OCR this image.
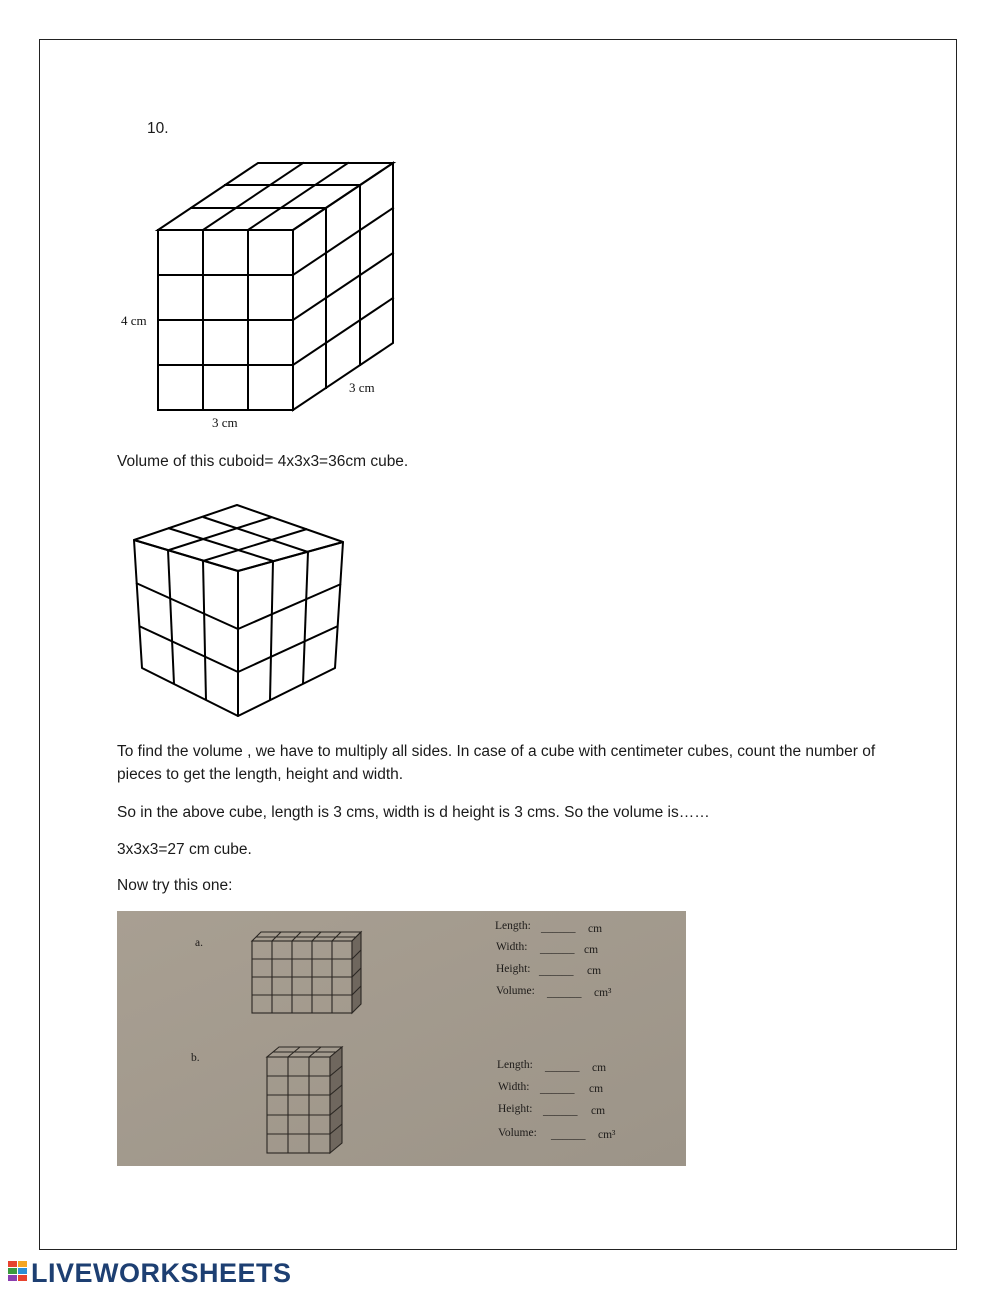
10.

4 cm
3 cm
3 cm

Volume of this cuboid= 4x3x3=36cm cube.

To find the volume , we have to multiply all sides. In case of a cube with centimeter cubes, count the number of pieces to get the length, height and width.

So in the above cube, length is 3 cms, width is d height is 3 cms. So the volume is……

3x3x3=27 cm cube.

Now try this one:

a.
Length: ______ cm
Width: ______ cm
Height: ______ cm
Volume: ______ cm³
b.
Length: ______ cm
Width: ______ cm
Height: ______ cm
Volume: ______ cm³
LIVEWORKSHEETS
